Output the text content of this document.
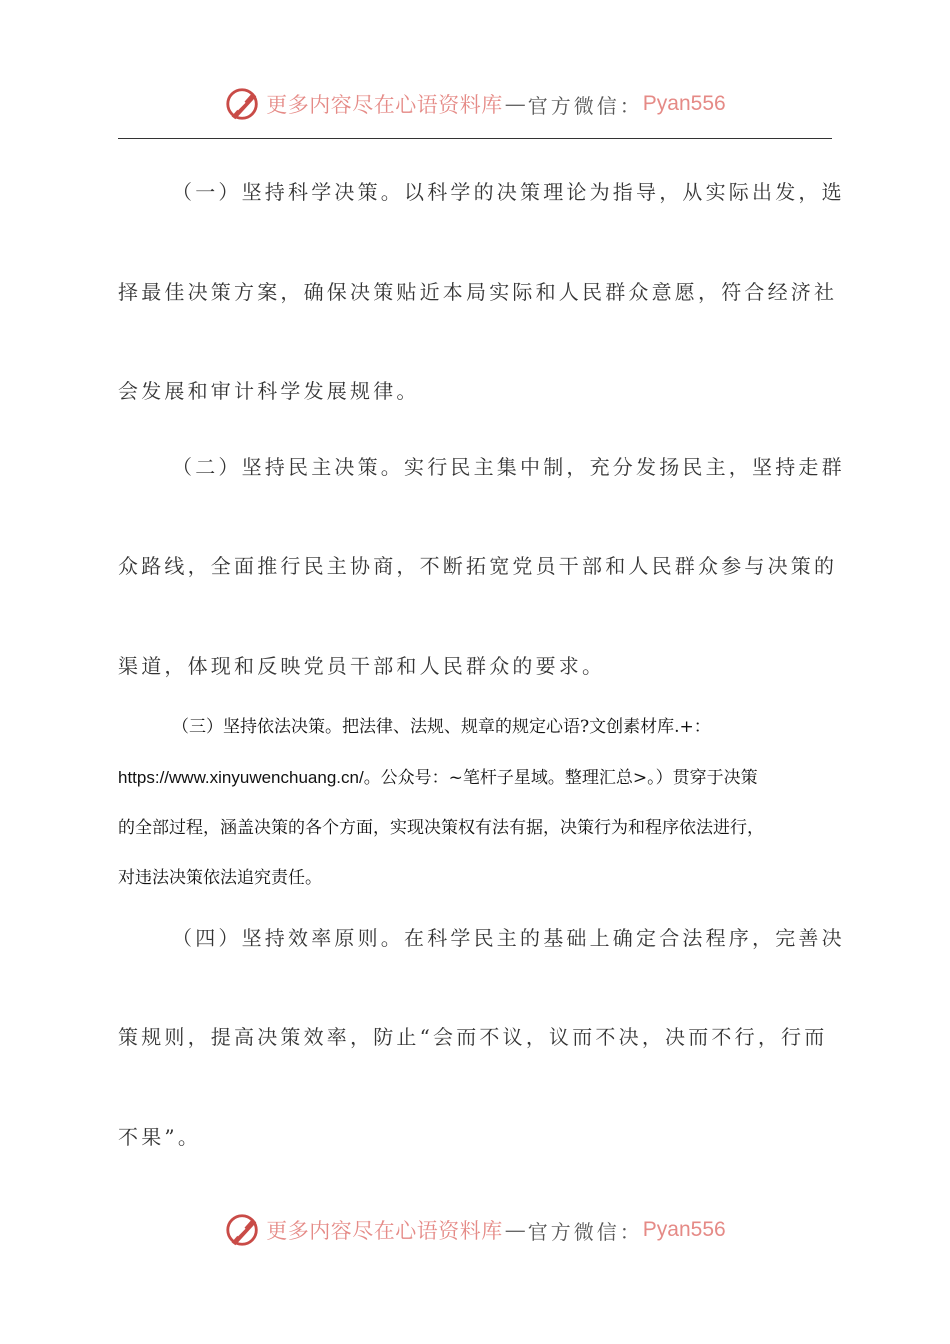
更多内容尽在心语资料库 — 官方微信： Pyan556
（一）坚持科学决策。以科学的决策理论为指导，从实际出发，选
择最佳决策方案，确保决策贴近本局实际和人民群众意愿，符合经济社
会发展和审计科学发展规律。
（二）坚持民主决策。实行民主集中制，充分发扬民主，坚持走群
众路线，全面推行民主协商，不断拓宽党员干部和人民群众参与决策的
渠道，体现和反映党员干部和人民群众的要求。
（三）坚持依法决策。把法律、法规、规章的规定心语?文创素材库.+：
https://www.xinyuwenchuang.cn/。公众号：~笔杆子星域。整理汇总>。）贯穿于决策
的全部过程，涵盖决策的各个方面，实现决策权有法有据，决策行为和程序依法进行，
对违法决策依法追究责任。
（四）坚持效率原则。在科学民主的基础上确定合法程序，完善决
策规则，提高决策效率，防止“会而不议，议而不决，决而不行，行而
不果”。
更多内容尽在心语资料库 — 官方微信： Pyan556
